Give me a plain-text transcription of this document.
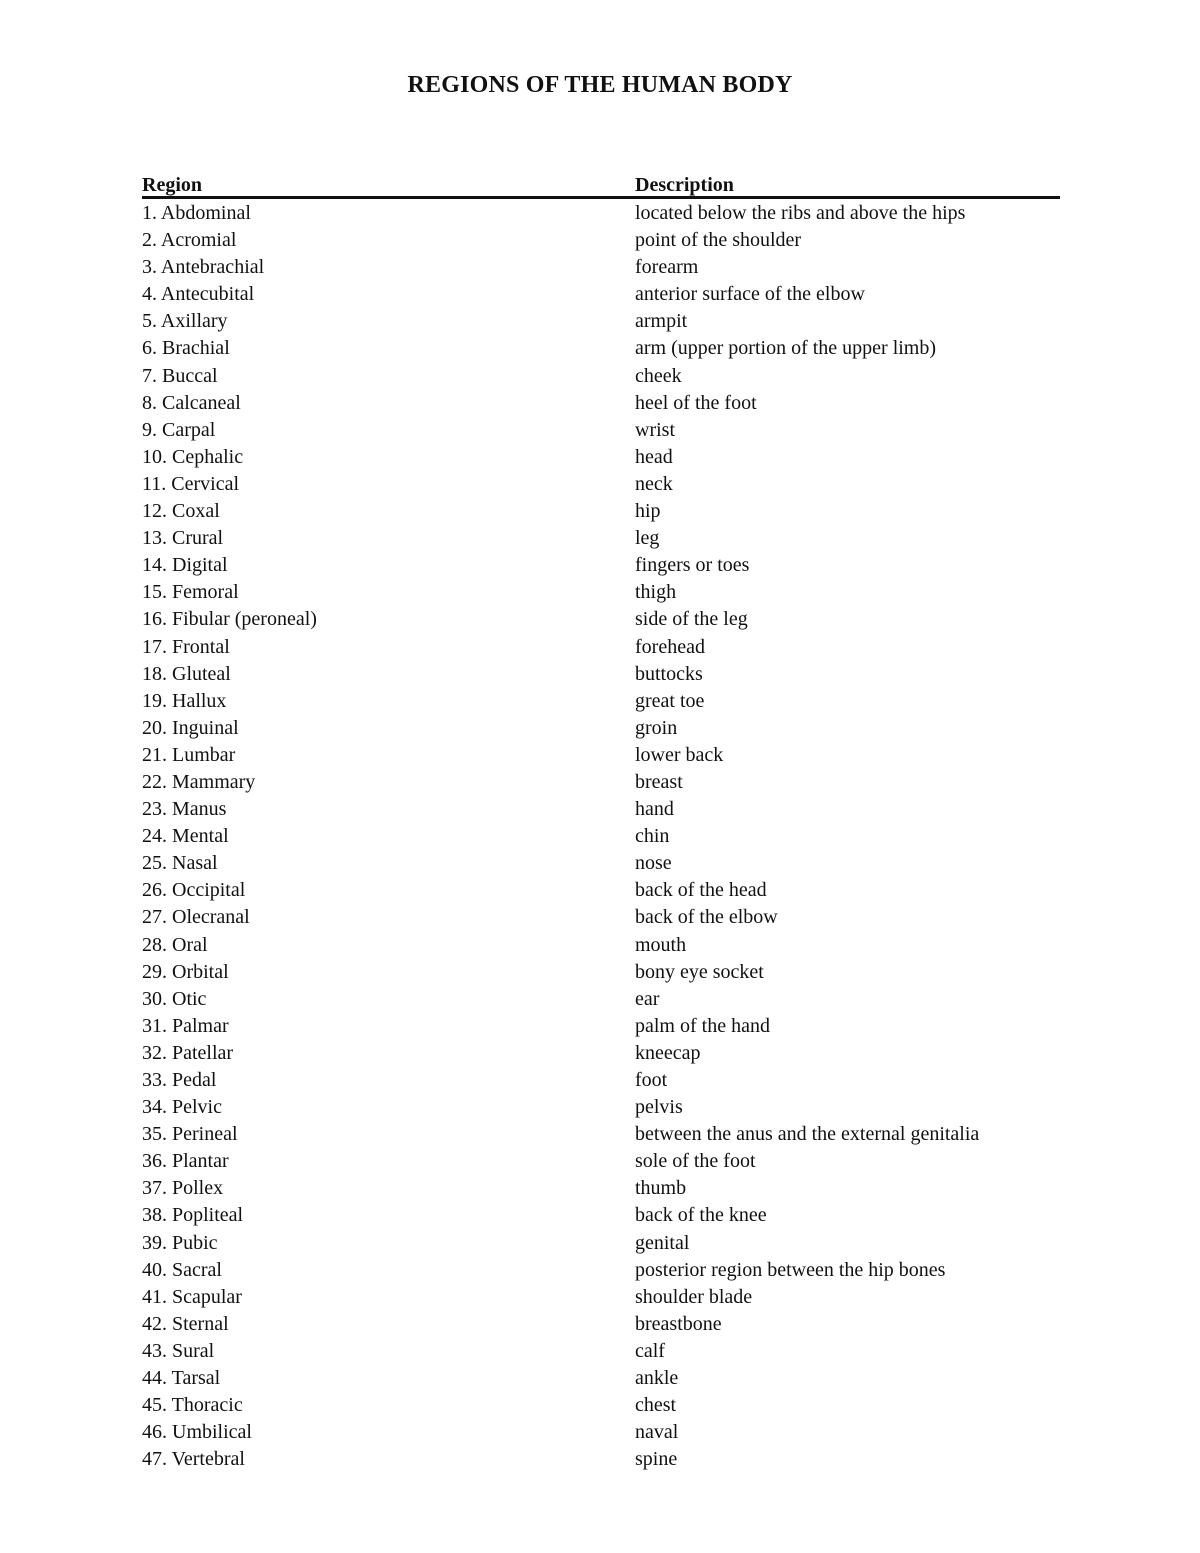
REGIONS OF THE HUMAN BODY
Region	Description
1. Abdominal	located below the ribs and above the hips
2. Acromial	point of the shoulder
3. Antebrachial	forearm
4. Antecubital	anterior surface of the elbow
5. Axillary	armpit
6. Brachial	arm (upper portion of the upper limb)
7. Buccal	cheek
8. Calcaneal	heel of the foot
9. Carpal	wrist
10. Cephalic	head
11. Cervical	neck
12. Coxal	hip
13. Crural	leg
14. Digital	fingers or toes
15. Femoral	thigh
16. Fibular (peroneal)	side of the leg
17. Frontal	forehead
18. Gluteal	buttocks
19. Hallux	great toe
20. Inguinal	groin
21. Lumbar	lower back
22. Mammary	breast
23. Manus	hand
24. Mental	chin
25. Nasal	nose
26. Occipital	back of the head
27. Olecranal	back of the elbow
28. Oral	mouth
29. Orbital	bony eye socket
30. Otic	ear
31. Palmar	palm of the hand
32. Patellar	kneecap
33. Pedal	foot
34. Pelvic	pelvis
35. Perineal	between the anus and the external genitalia
36. Plantar	sole of the foot
37. Pollex	thumb
38. Popliteal	back of the knee
39. Pubic	genital
40. Sacral	posterior region between the hip bones
41. Scapular	shoulder blade
42. Sternal	breastbone
43. Sural	calf
44. Tarsal	ankle
45. Thoracic	chest
46. Umbilical	naval
47. Vertebral	spine
